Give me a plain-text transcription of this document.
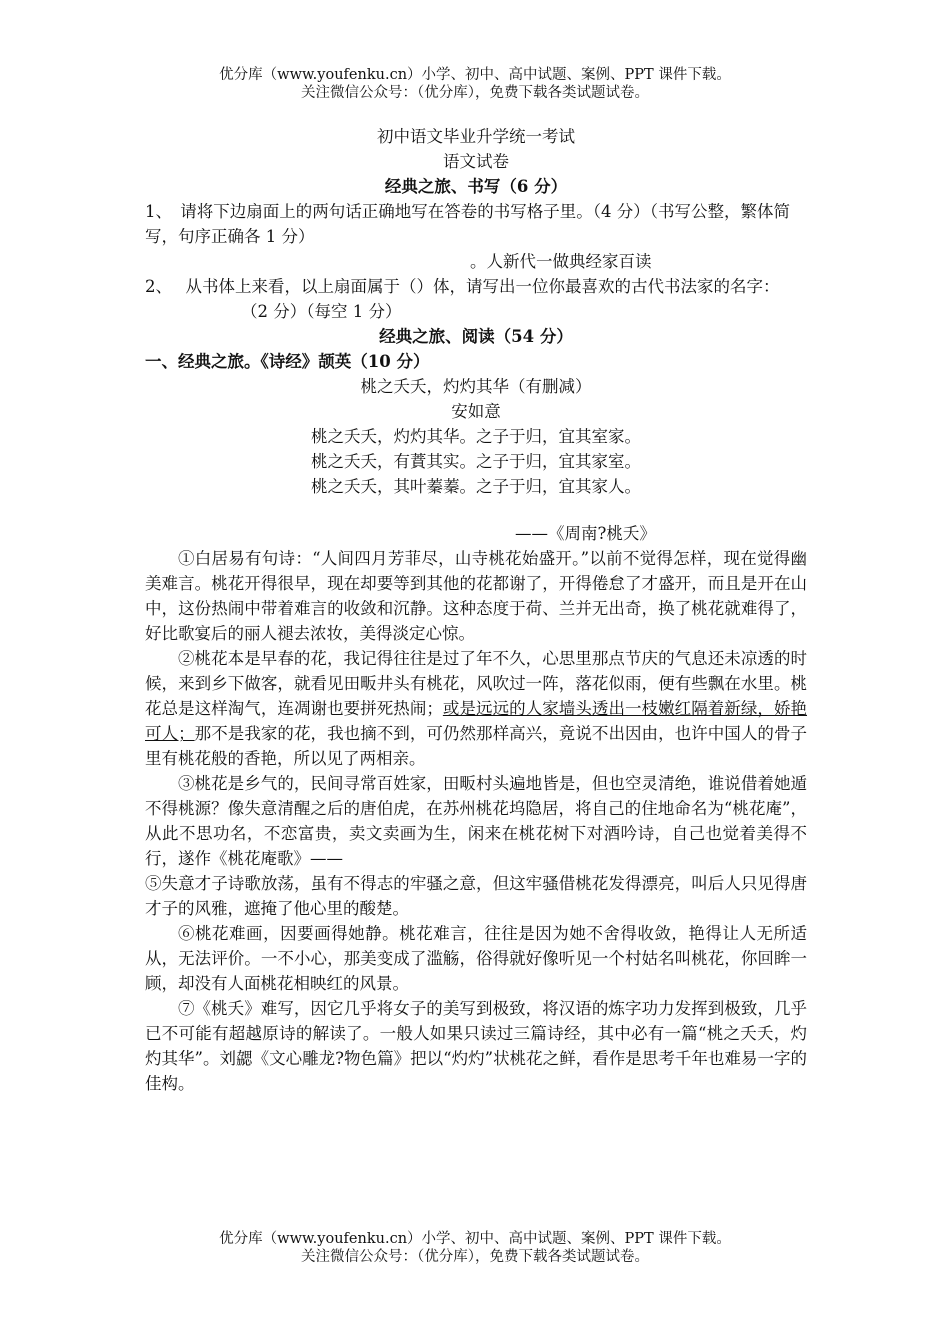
优分库（www.youfenku.cn）小学、初中、高中试题、案例、PPT 课件下载。
关注微信公众号：（优分库），免费下载各类试题试卷。

初中语文毕业升学统一考试

语文试卷

经典之旅、书写（6 分）

1、　请将下边扇面上的两句话正确地写在答卷的书写格子里。（4 分）（书写公整，繁体简写，句序正确各 1 分）

。人新代一做典经家百读

2、　 从书体上来看，以上扇面属于（）体，请写出一位你最喜欢的古代书法家的名字：

（2 分）（每空 1 分）

经典之旅、阅读（54 分）

一、经典之旅。《诗经》颉英（10 分）

桃之夭夭，灼灼其华（有删减）

安如意

桃之夭夭，灼灼其华。之子于归，宜其室家。

桃之夭夭，有蕡其实。之子于归，宜其家室。

桃之夭夭，其叶蓁蓁。之子于归，宜其家人。

——《周南?桃夭》

①白居易有句诗：“人间四月芳菲尽，山寺桃花始盛开。”以前不觉得怎样，现在觉得幽美难言。桃花开得很早，现在却要等到其他的花都谢了，开得倦怠了才盛开，而且是开在山中，这份热闹中带着难言的收敛和沉静。这种态度于荷、兰并无出奇，换了桃花就难得了，好比歌宴后的丽人褪去浓妆，美得淡定心惊。

②桃花本是早春的花，我记得往往是过了年不久，心思里那点节庆的气息还未凉透的时候，来到乡下做客，就看见田畈井头有桃花，风吹过一阵，落花似雨，便有些飘在水里。桃花总是这样淘气，连凋谢也要拼死热闹；或是远远的人家墙头透出一枝嫩红隔着新绿，娇艳可人；那不是我家的花，我也摘不到，可仍然那样高兴，竟说不出因由，也许中国人的骨子里有桃花般的香艳，所以见了两相亲。

③桃花是乡气的，民间寻常百姓家，田畈村头遍地皆是，但也空灵清绝，谁说借着她遁不得桃源？像失意清醒之后的唐伯虎，在苏州桃花坞隐居，将自己的住地命名为“桃花庵”，从此不思功名，不恋富贵，卖文卖画为生，闲来在桃花树下对酒吟诗，自己也觉着美得不行，遂作《桃花庵歌》——

⑤失意才子诗歌放荡，虽有不得志的牢骚之意，但这牢骚借桃花发得漂亮，叫后人只见得唐才子的风雅，遮掩了他心里的酸楚。

⑥桃花难画，因要画得她静。桃花难言，往往是因为她不舍得收敛，艳得让人无所适从，无法评价。一不小心，那美变成了滥觞，俗得就好像听见一个村姑名叫桃花，你回眸一顾，却没有人面桃花相映红的风景。

⑦《桃夭》难写，因它几乎将女子的美写到极致，将汉语的炼字功力发挥到极致，几乎已不可能有超越原诗的解读了。一般人如果只读过三篇诗经，其中必有一篇“桃之夭夭，灼灼其华”。刘勰《文心雕龙?物色篇》把以“灼灼”状桃花之鲜，看作是思考千年也难易一字的佳构。

优分库（www.youfenku.cn）小学、初中、高中试题、案例、PPT 课件下载。
关注微信公众号：（优分库），免费下载各类试题试卷。
